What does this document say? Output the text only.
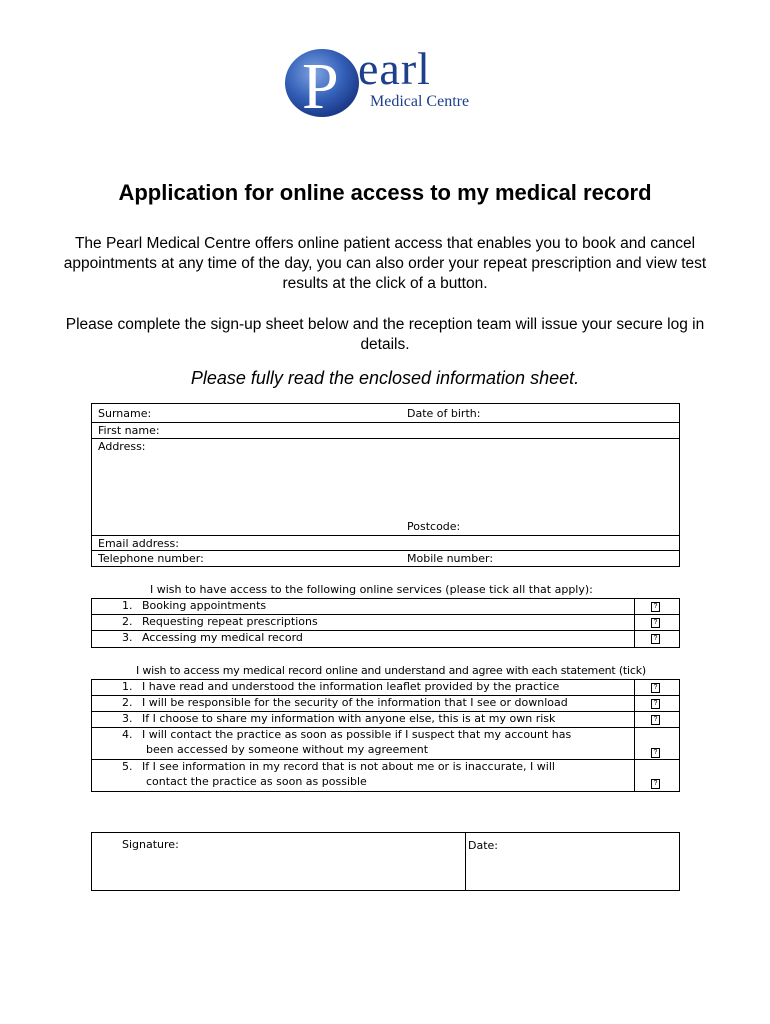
P earl
Medical Centre
Application for online access to my medical record
The Pearl Medical Centre offers online patient access that enables you to book and cancel appointments at any time of the day, you can also order your repeat prescription and view test results at the click of a button.
Please complete the sign-up sheet below and the reception team will issue your secure log in details.
Please fully read the enclosed information sheet.
Surname:	Date of birth:
First name:
Address:
Postcode:
Email address:
Telephone number:	Mobile number:
I wish to have access to the following online services (please tick all that apply):
1. Booking appointments	?
2. Requesting repeat prescriptions	?
3. Accessing my medical record	?
I wish to access my medical record online and understand and agree with each statement (tick)
1. I have read and understood the information leaflet provided by the practice	?
2. I will be responsible for the security of the information that I see or download	?
3. If I choose to share my information with anyone else, this is at my own risk	?
4. I will contact the practice as soon as possible if I suspect that my account has
been accessed by someone without my agreement	?
5. If I see information in my record that is not about me or is inaccurate, I will
contact the practice as soon as possible	?
Signature:	Date:
